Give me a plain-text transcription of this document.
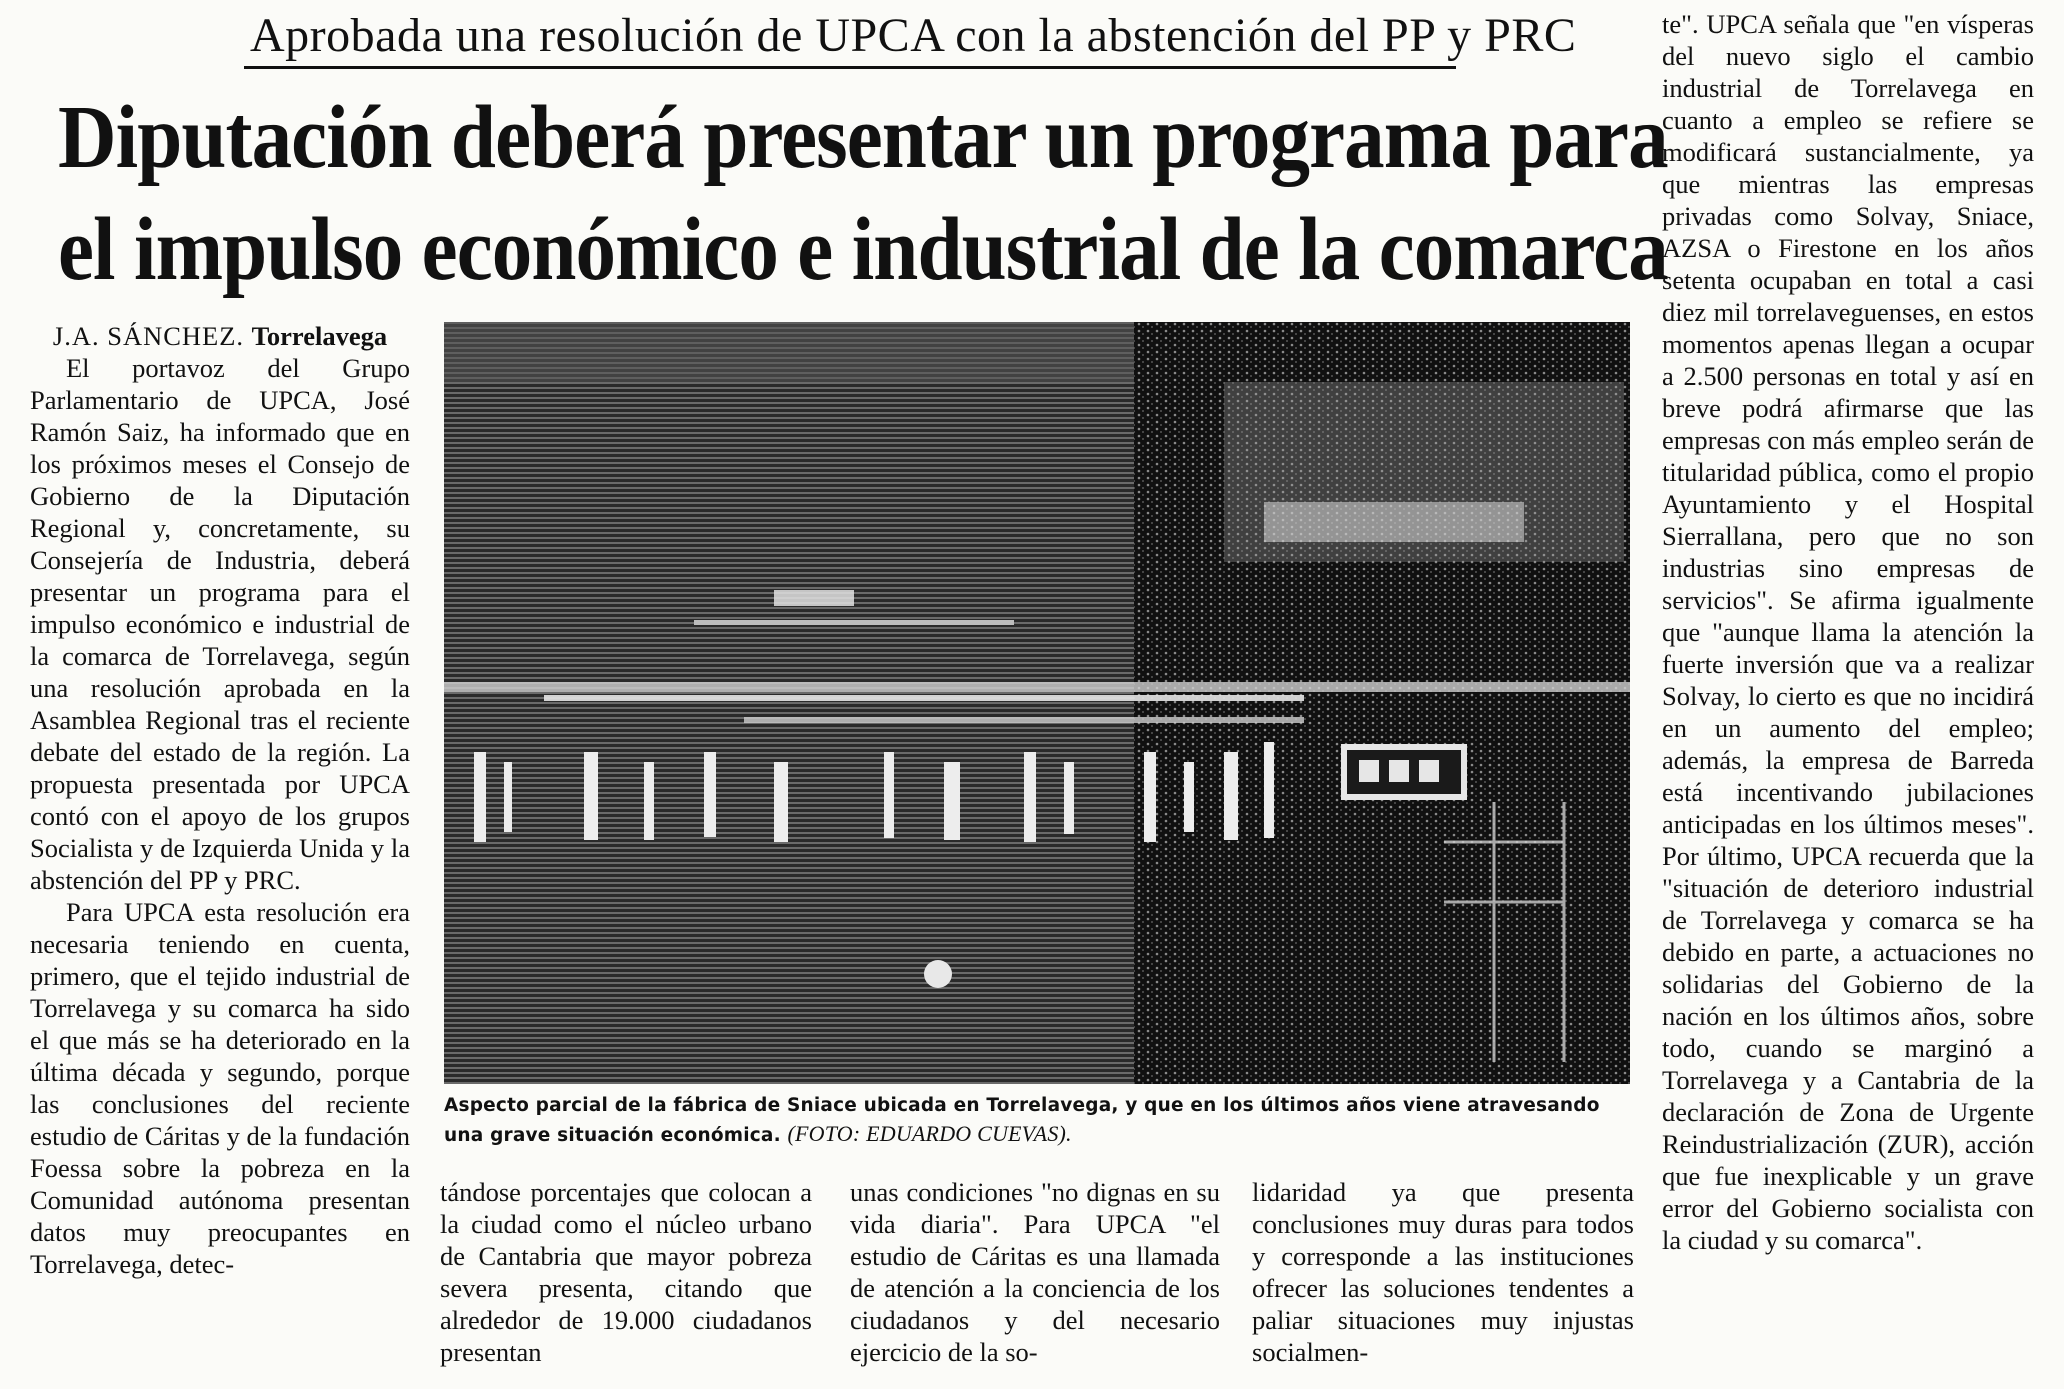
Aprobada una resolución de UPCA con la abstención del PP y PRC
Diputación deberá presentar un programa para
el impulso económico e industrial de la comarca

J.A. SÁNCHEZ. Torrelavega

El portavoz del Grupo Parlamentario de UPCA, José Ramón Saiz, ha informado que en los próximos meses el Consejo de Gobierno de la Diputación Regional y, concretamente, su Consejería de Industria, deberá presentar un programa para el impulso económico e industrial de la comarca de Torrelavega, según una resolución aprobada en la Asamblea Regional tras el reciente debate del estado de la región. La propuesta presentada por UPCA contó con el apoyo de los grupos Socialista y de Izquierda Unida y la abstención del PP y PRC.

Para UPCA esta resolución era necesaria teniendo en cuenta, primero, que el tejido industrial de Torrelavega y su comarca ha sido el que más se ha deteriorado en la última década y segundo, porque las conclusiones del reciente estudio de Cáritas y de la fundación Foessa sobre la pobreza en la Comunidad autónoma presentan datos muy preocupantes en Torrelavega, detec-

Aspecto parcial de la fábrica de Sniace ubicada en Torrelavega, y que en los últimos años viene atravesando una grave situación económica. (FOTO: EDUARDO CUEVAS).

tándose porcentajes que colocan a la ciudad como el núcleo urbano de Cantabria que mayor pobreza severa presenta, citando que alrededor de 19.000 ciudadanos presentan

unas condiciones "no dignas en su vida diaria". Para UPCA "el estudio de Cáritas es una llamada de atención a la conciencia de los ciudadanos y del necesario ejercicio de la so-

lidaridad ya que presenta conclusiones muy duras para todos y corresponde a las instituciones ofrecer las soluciones tendentes a paliar situaciones muy injustas socialmen-

te". UPCA señala que "en vísperas del nuevo siglo el cambio industrial de Torrelavega en cuanto a empleo se refiere se modificará sustancialmente, ya que mientras las empresas privadas como Solvay, Sniace, AZSA o Firestone en los años setenta ocupaban en total a casi diez mil torrelaveguenses, en estos momentos apenas llegan a ocupar a 2.500 personas en total y así en breve podrá afirmarse que las empresas con más empleo serán de titularidad pública, como el propio Ayuntamiento y el Hospital Sierrallana, pero que no son industrias sino empresas de servicios". Se afirma igualmente que "aunque llama la atención la fuerte inversión que va a realizar Solvay, lo cierto es que no incidirá en un aumento del empleo; además, la empresa de Barreda está incentivando jubilaciones anticipadas en los últimos meses". Por último, UPCA recuerda que la "situación de deterioro industrial de Torrelavega y comarca se ha debido en parte, a actuaciones no solidarias del Gobierno de la nación en los últimos años, sobre todo, cuando se marginó a Torrelavega y a Cantabria de la declaración de Zona de Urgente Reindustrialización (ZUR), acción que fue inexplicable y un grave error del Gobierno socialista con la ciudad y su comarca".
